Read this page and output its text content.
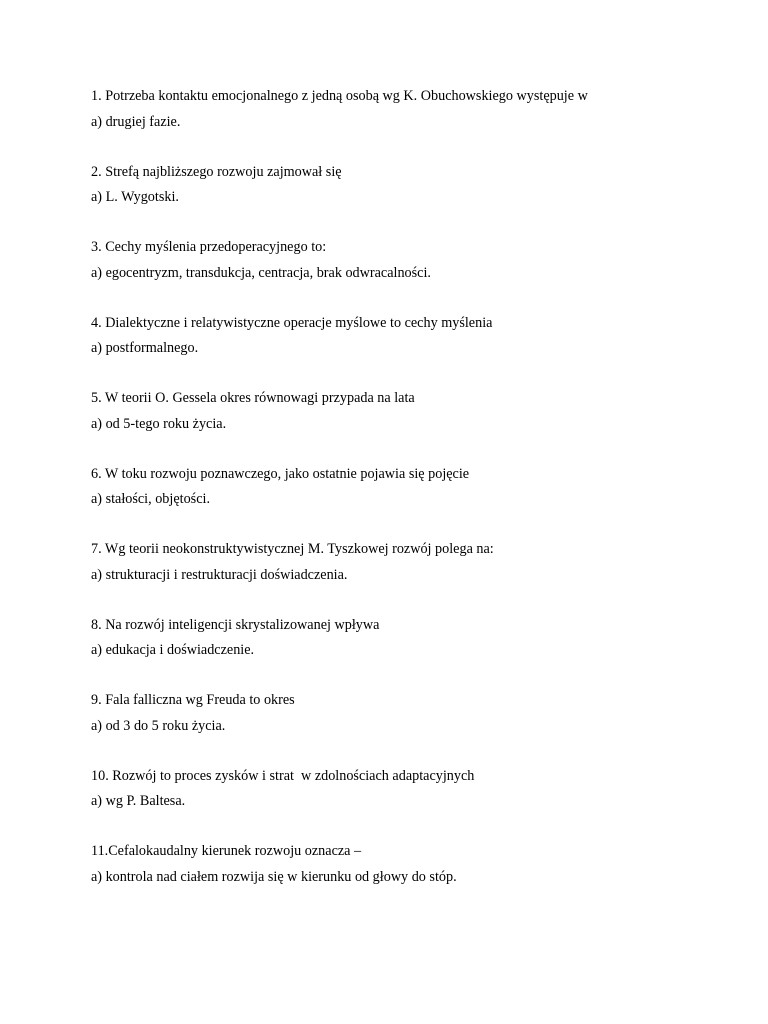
1. Potrzeba kontaktu emocjonalnego z jedną osobą wg K. Obuchowskiego występuje w
a) drugiej fazie.
2. Strefą najbliższego rozwoju zajmował się
a) L. Wygotski.
3. Cechy myślenia przedoperacyjnego to:
a) egocentryzm, transdukcja, centracja, brak odwracalności.
4. Dialektyczne i relatywistyczne operacje myślowe to cechy myślenia
a) postformalnego.
5. W teorii O. Gessela okres równowagi przypada na lata
a) od 5-tego roku życia.
6. W toku rozwoju poznawczego, jako ostatnie pojawia się pojęcie
a) stałości, objętości.
7. Wg teorii neokonstruktywistycznej M. Tyszkowej rozwój polega na:
a) strukturacji i restrukturacji doświadczenia.
8. Na rozwój inteligencji skrystalizowanej wpływa
a) edukacja i doświadczenie.
9. Fala falliczna wg Freuda to okres
a) od 3 do 5 roku życia.
10. Rozwój to proces zysków i strat  w zdolnościach adaptacyjnych
a) wg P. Baltesa.
11.Cefalokaudalny kierunek rozwoju oznacza –
a) kontrola nad ciałem rozwija się w kierunku od głowy do stóp.
